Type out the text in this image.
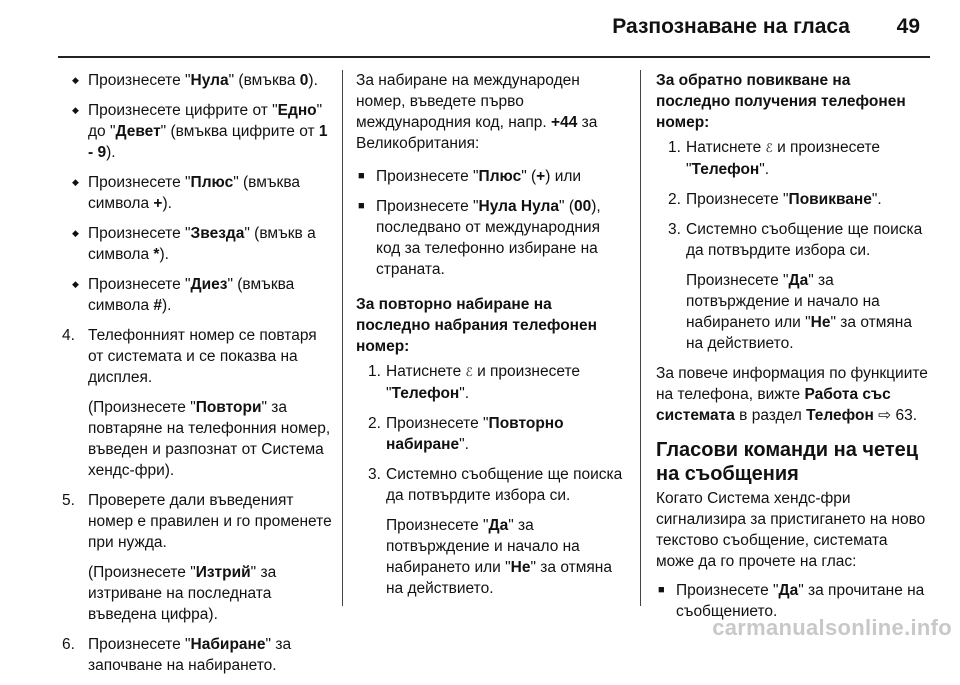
Разпознаване на гласа 49
◆ Произнесете "Нула" (вмъква 0).
◆ Произнесете цифрите от "Едно" до "Девет" (вмъква цифрите от 1 - 9).
◆ Произнесете "Плюс" (вмъква символа +).
◆ Произнесете "Звезда" (вмъкв а символа *).
◆ Произнесете "Диез" (вмъква символа #).
4. Телефонният номер се повтаря от системата и се показва на дисплея.
(Произнесете "Повтори" за повтаряне на телефонния номер, въведен и разпознат от Система хендс-фри).
5. Проверете дали въведеният номер е правилен и го променете при нужда.
(Произнесете "Изтрий" за изтриване на последната въведена цифра).
6. Произнесете "Набиране" за започване на набирането.
За набиране на международен номер, въведете първо международния код, напр. +44 за Великобритания:
■ Произнесете "Плюс" (+) или
■ Произнесете "Нула Нула" (00), последвано от международния код за телефонно избиране на страната.
За повторно набиране на последно набрания телефонен номер:
1. Натиснете ℰ и произнесете "Телефон".
2. Произнесете "Повторно набиране".
3. Системно съобщение ще поиска да потвърдите избора си.
Произнесете "Да" за потвърждение и начало на набирането или "Не" за отмяна на действието.
За обратно повикване на последно получения телефонен номер:
1. Натиснете ℰ и произнесете "Телефон".
2. Произнесете "Повикване".
3. Системно съобщение ще поиска да потвърдите избора си.
Произнесете "Да" за потвърждение и начало на набирането или "Не" за отмяна на действието.
За повече информация по функциите на телефона, вижте Работа със системата в раздел Телефон ⇨ 63.
Гласови команди на четец на съобщения
Когато Система хендс-фри сигнализира за пристигането на ново текстово съобщение, системата може да го прочете на глас:
■ Произнесете "Да" за прочитане на съобщението.
carmanualsonline.info
